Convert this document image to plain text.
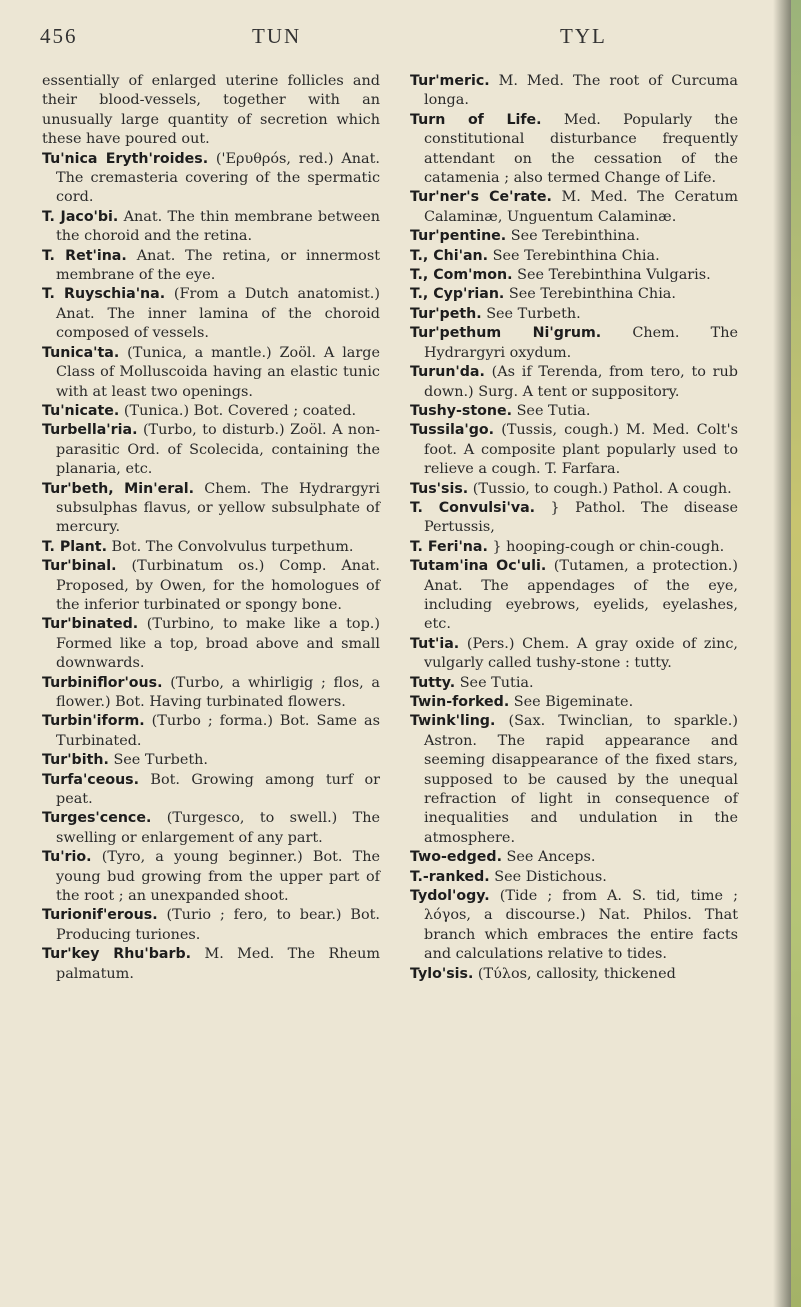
456	TUN	TYL

essentially of enlarged uterine follicles and their blood-vessels, together with an unusually large quantity of secretion which these have poured out.

Tu'nica Eryth'roides. ('Ερυθρόs, red.) Anat. The cremasteria covering of the spermatic cord.

T. Jaco'bi. Anat. The thin membrane between the choroid and the retina.

T. Ret'ina. Anat. The retina, or innermost membrane of the eye.

T. Ruyschia'na. (From a Dutch anatomist.) Anat. The inner lamina of the choroid composed of vessels.

Tunica'ta. (Tunica, a mantle.) Zoöl. A large Class of Molluscoida having an elastic tunic with at least two openings.

Tu'nicate. (Tunica.) Bot. Covered ; coated.

Turbella'ria. (Turbo, to disturb.) Zoöl. A non-parasitic Ord. of Scolecida, containing the planaria, etc.

Tur'beth, Min'eral. Chem. The Hydrargyri subsulphas flavus, or yellow subsulphate of mercury.

T. Plant. Bot. The Convolvulus turpethum.

Tur'binal. (Turbinatum os.) Comp. Anat. Proposed, by Owen, for the homologues of the inferior turbinated or spongy bone.

Tur'binated. (Turbino, to make like a top.) Formed like a top, broad above and small downwards.

Turbiniflor'ous. (Turbo, a whirligig ; flos, a flower.) Bot. Having turbinated flowers.

Turbin'iform. (Turbo ; forma.) Bot. Same as Turbinated.

Tur'bith. See Turbeth.

Turfa'ceous. Bot. Growing among turf or peat.

Turges'cence. (Turgesco, to swell.) The swelling or enlargement of any part.

Tu'rio. (Tyro, a young beginner.) Bot. The young bud growing from the upper part of the root ; an unexpanded shoot.

Turionif'erous. (Turio ; fero, to bear.) Bot. Producing turiones.

Tur'key Rhu'barb. M. Med. The Rheum palmatum.

Tur'meric. M. Med. The root of Curcuma longa.

Turn of Life. Med. Popularly the constitutional disturbance frequently attendant on the cessation of the catamenia ; also termed Change of Life.

Tur'ner's Ce'rate. M. Med. The Ceratum Calaminæ, Unguentum Calaminæ.

Tur'pentine. See Terebinthina.

T., Chi'an. See Terebinthina Chia.

T., Com'mon. See Terebinthina Vulgaris.

T., Cyp'rian. See Terebinthina Chia.

Tur'peth. See Turbeth.

Tur'pethum Ni'grum. Chem. The Hydrargyri oxydum.

Turun'da. (As if Terenda, from tero, to rub down.) Surg. A tent or suppository.

Tushy-stone. See Tutia.

Tussila'go. (Tussis, cough.) M. Med. Colt's foot. A composite plant popularly used to relieve a cough. T. Farfara.

Tus'sis. (Tussio, to cough.) Pathol. A cough.

T. Convulsi'va. } Pathol. The disease Pertussis,

T. Feri'na. } hooping-cough or chin-cough.

Tutam'ina Oc'uli. (Tutamen, a protection.) Anat. The appendages of the eye, including eyebrows, eyelids, eyelashes, etc.

Tut'ia. (Pers.) Chem. A gray oxide of zinc, vulgarly called tushy-stone : tutty.

Tutty. See Tutia.

Twin-forked. See Bigeminate.

Twink'ling. (Sax. Twinclian, to sparkle.) Astron. The rapid appearance and seeming disappearance of the fixed stars, supposed to be caused by the unequal refraction of light in consequence of inequalities and undulation in the atmosphere.

Two-edged. See Anceps.

T.-ranked. See Distichous.

Tydol'ogy. (Tide ; from A. S. tid, time ; λόγοs, a discourse.) Nat. Philos. That branch which embraces the entire facts and calculations relative to tides.

Tylo'sis. (Τύλοs, callosity, thickened
